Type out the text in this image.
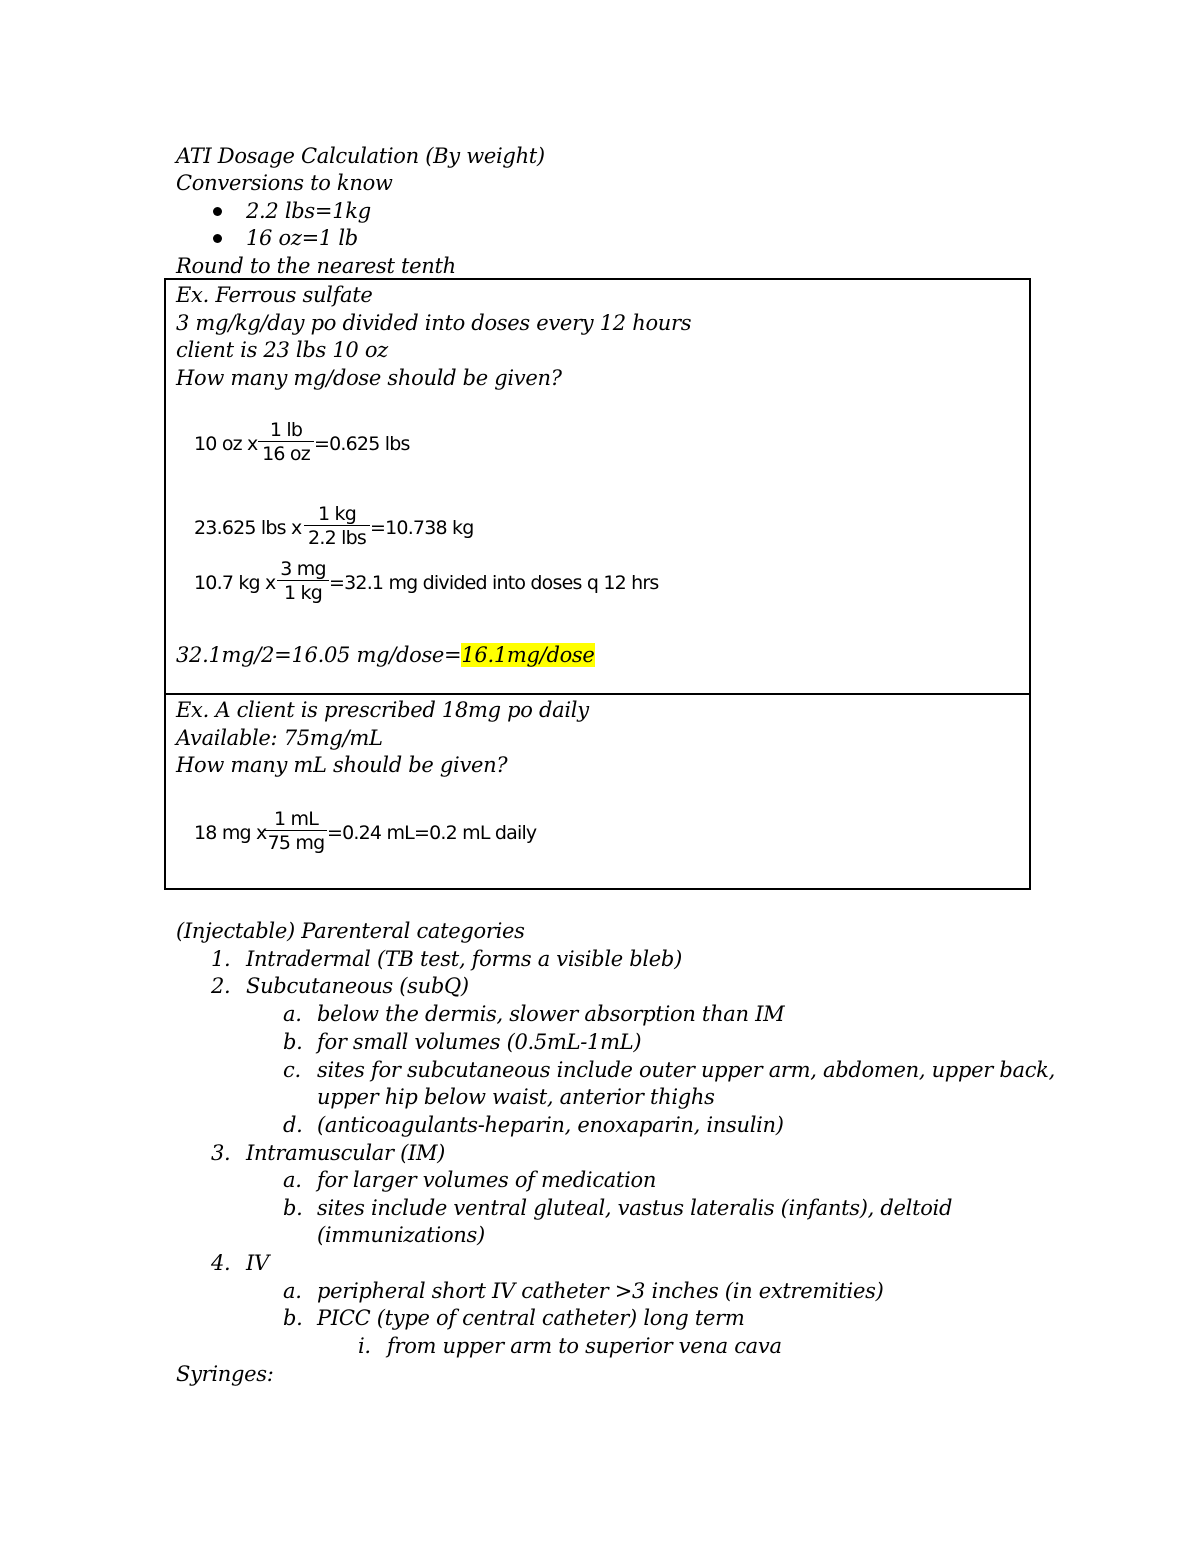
ATI Dosage Calculation (By weight)
Conversions to know
2.2 lbs=1kg
16 oz=1 lb
Round to the nearest tenth
Ex. Ferrous sulfate
3 mg/kg/day po divided into doses every 12 hours
client is 23 lbs 10 oz
How many mg/dose should be given?
10 oz x $\frac{1 lb}{16 oz} =0.625$ lbs
23.625 lbs x
1 kg
2.2 lbs =10.738 kg
10.7 kg x $\frac{3 mg}{1 kg} =32.1$ mg divided into doses q 12 hrs
32.1mg/2=16.05 mg/dose=16.1mg/dose
Ex. A client is prescribed 18mg po daily
Available: 75mg/mL
How many mL should be given?
18 mg x
$\frac{1 mL}{75 mg} =0.24$ mL=0.2 mL daily
(Injectable) Parenteral categories
1. Intradermal (TB test, forms a visible bleb)
2. Subcutaneous (subQ)
a. below the dermis, slower absorption than IM
b. for small volumes (0.5mL-1mL)
c. sites for subcutaneous include outer upper arm, abdomen, upper back,
upper hip below waist, anterior thighs
d. (anticoagulants-heparin, enoxaparin, insulin)
3. Intramuscular (IM)
a. for larger volumes of medication
b. sites include ventral gluteal, vastus lateralis (infants), deltoid
(immunizations)
4. IV
a. peripheral short IV catheter >3 inches (in extremities)
b. PICC (type of central catheter) long term
i. from upper arm to superior vena cava
Syringes:
